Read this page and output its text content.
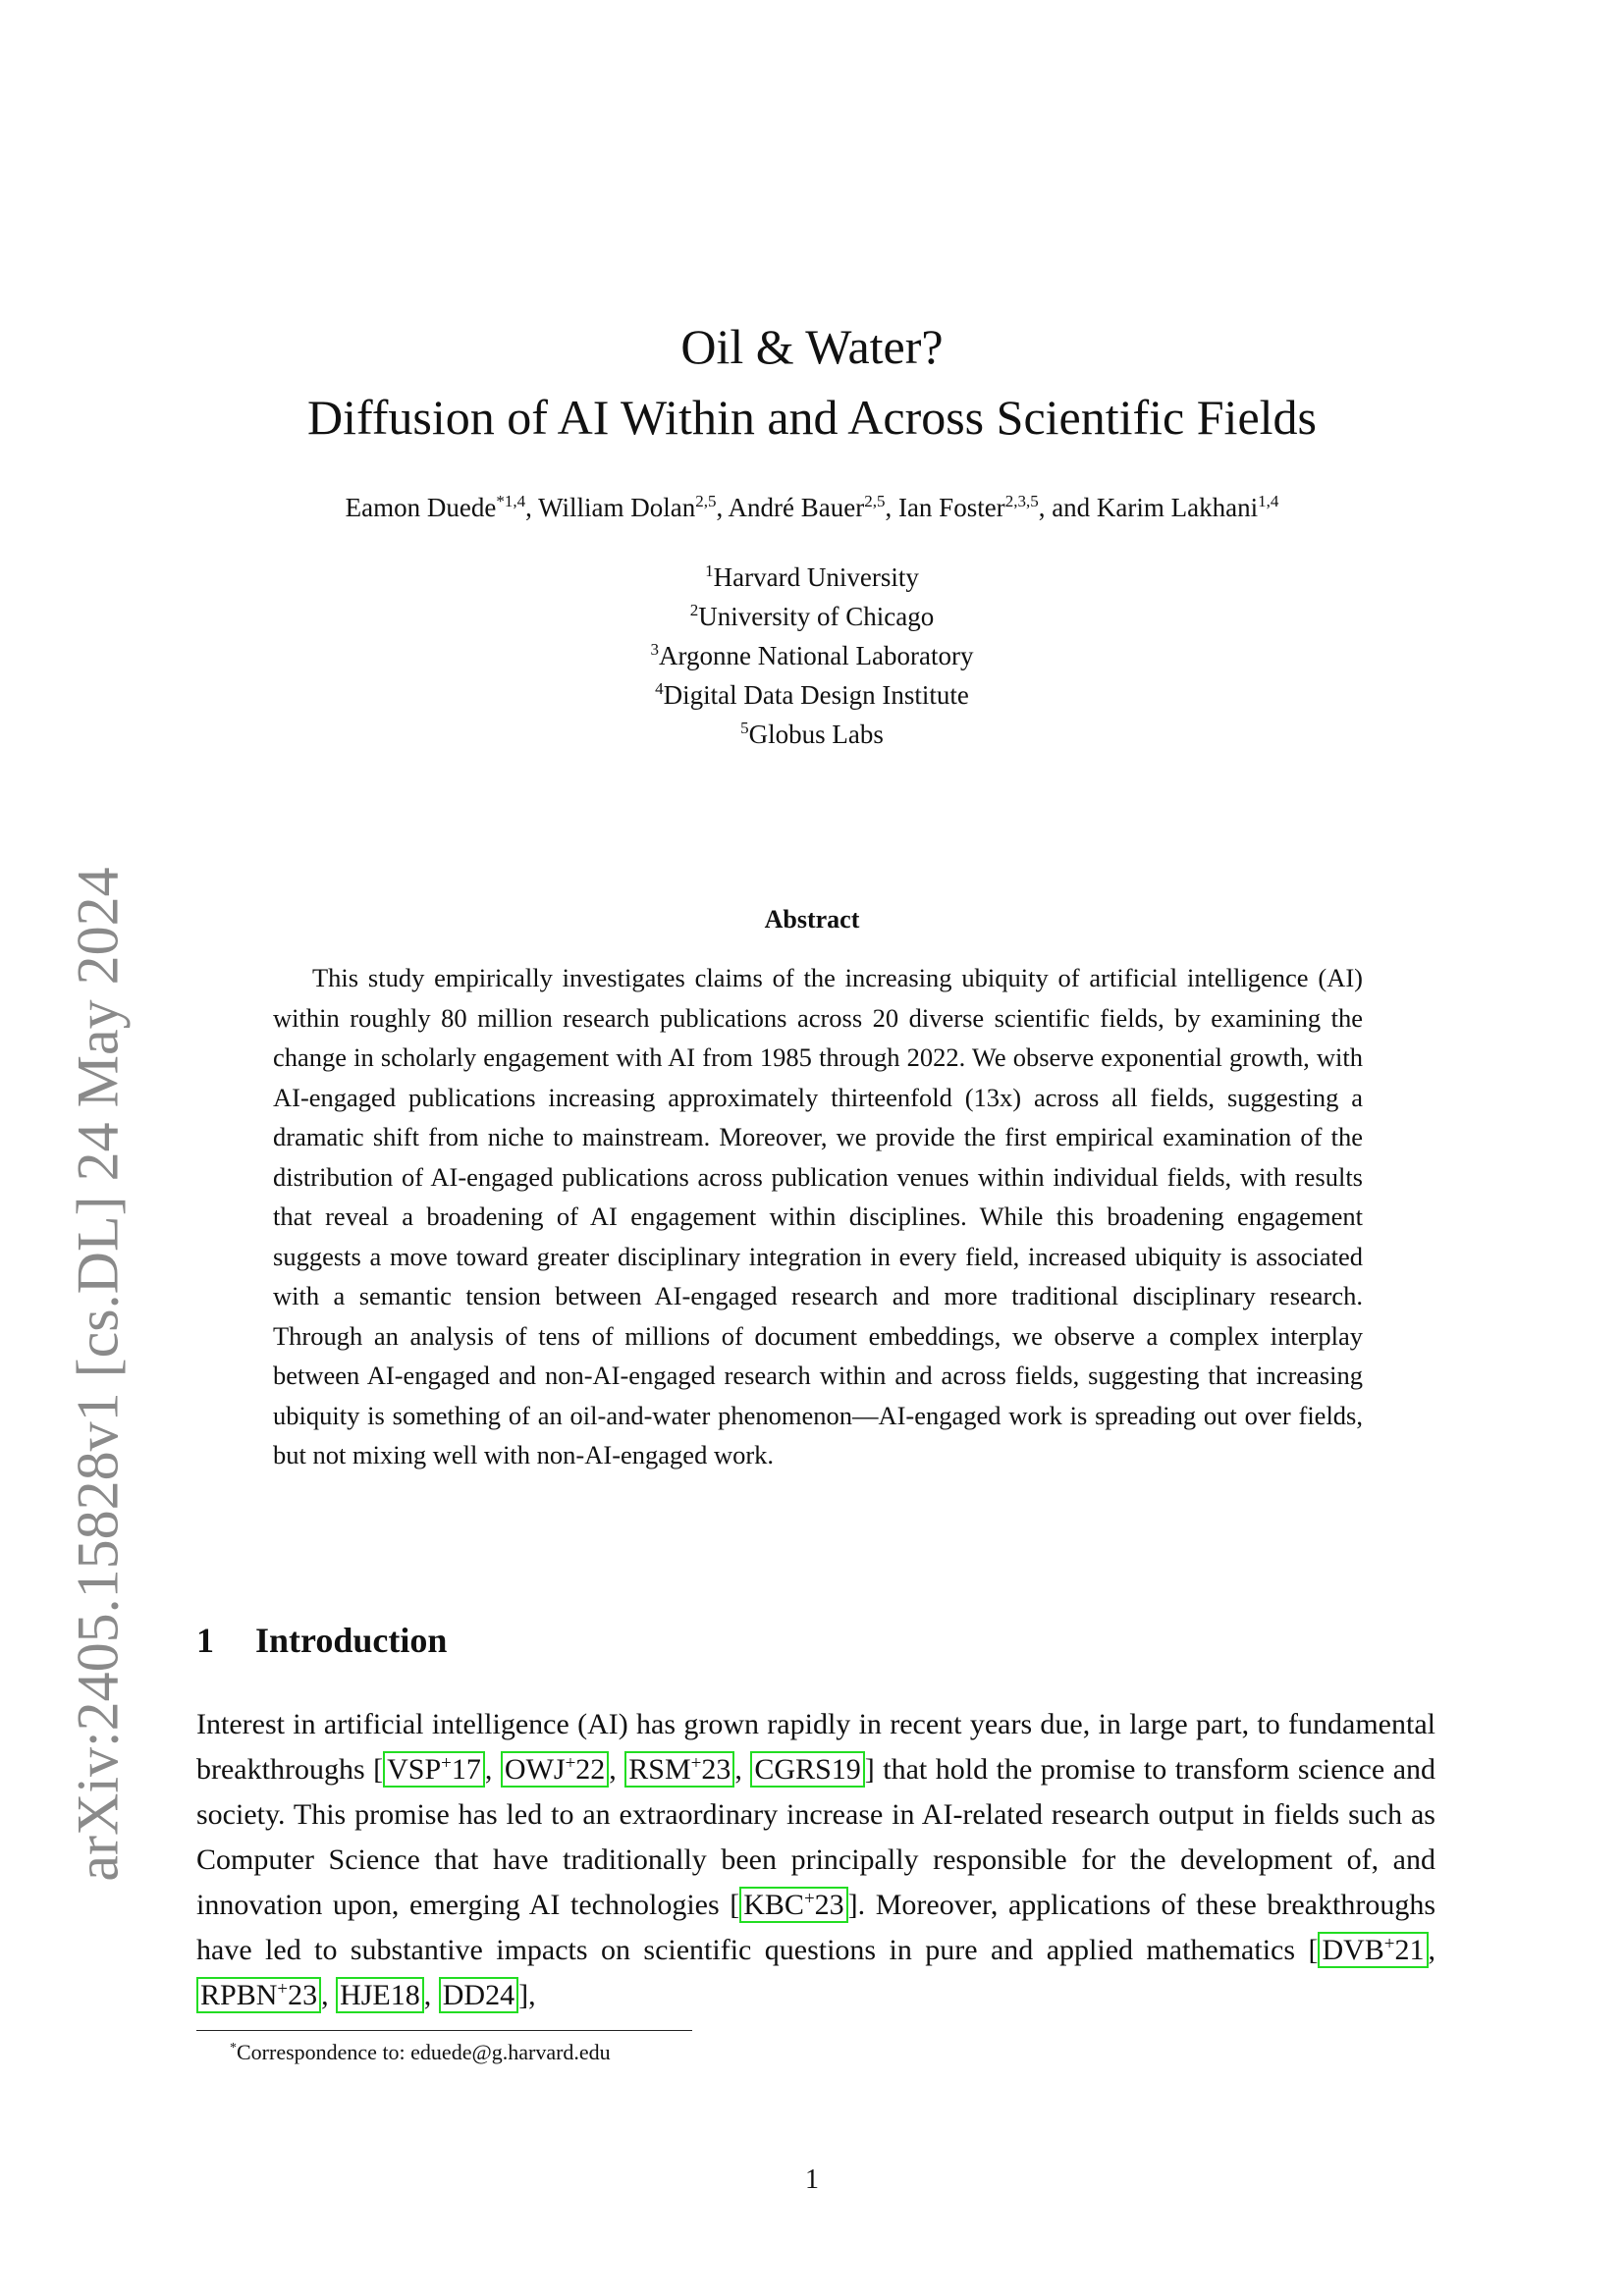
arXiv:2405.15828v1 [cs.DL] 24 May 2024
Oil & Water?
Diffusion of AI Within and Across Scientific Fields
Eamon Duede$^{*1,4}$, William Dolan$^{2,5}$, André Bauer$^{2,5}$, Ian Foster$^{2,3,5}$, and Karim Lakhani$^{1,4}$
$^1$Harvard University
$^2$University of Chicago
$^3$Argonne National Laboratory
$^4$Digital Data Design Institute
$^5$Globus Labs
Abstract
This study empirically investigates claims of the increasing ubiquity of artificial intelligence (AI) within roughly 80 million research publications across 20 diverse scientific fields, by examining the change in scholarly engagement with AI from 1985 through 2022. We observe exponential growth, with AI-engaged publications increasing approximately thirteenfold (13x) across all fields, suggesting a dramatic shift from niche to mainstream. Moreover, we provide the first empirical examination of the distribution of AI-engaged publications across publication venues within individual fields, with results that reveal a broadening of AI engagement within disciplines. While this broadening engagement suggests a move toward greater disciplinary integration in every field, increased ubiquity is associated with a semantic tension between AI-engaged research and more traditional disciplinary research. Through an analysis of tens of millions of document embeddings, we observe a complex interplay between AI-engaged and non-AI-engaged research within and across fields, suggesting that increasing ubiquity is something of an oil-and-water phenomenon—AI-engaged work is spreading out over fields, but not mixing well with non-AI-engaged work.
1 Introduction
Interest in artificial intelligence (AI) has grown rapidly in recent years due, in large part, to fundamental breakthroughs [ VSP+17 , OWJ+22 , RSM+23 , CGRS19 ] that hold the promise to transform science and society. This promise has led to an extraordinary increase in AI-related research output in fields such as Computer Science that have traditionally been principally responsible for the development of, and innovation upon, emerging AI technologies [ KBC+23 ]. Moreover, applications of these breakthroughs have led to substantive impacts on scientific questions in pure and applied mathematics [ DVB+21 , RPBN+23 , HJE18 , DD24 ],
*Correspondence to: eduede@g.harvard.edu
1
